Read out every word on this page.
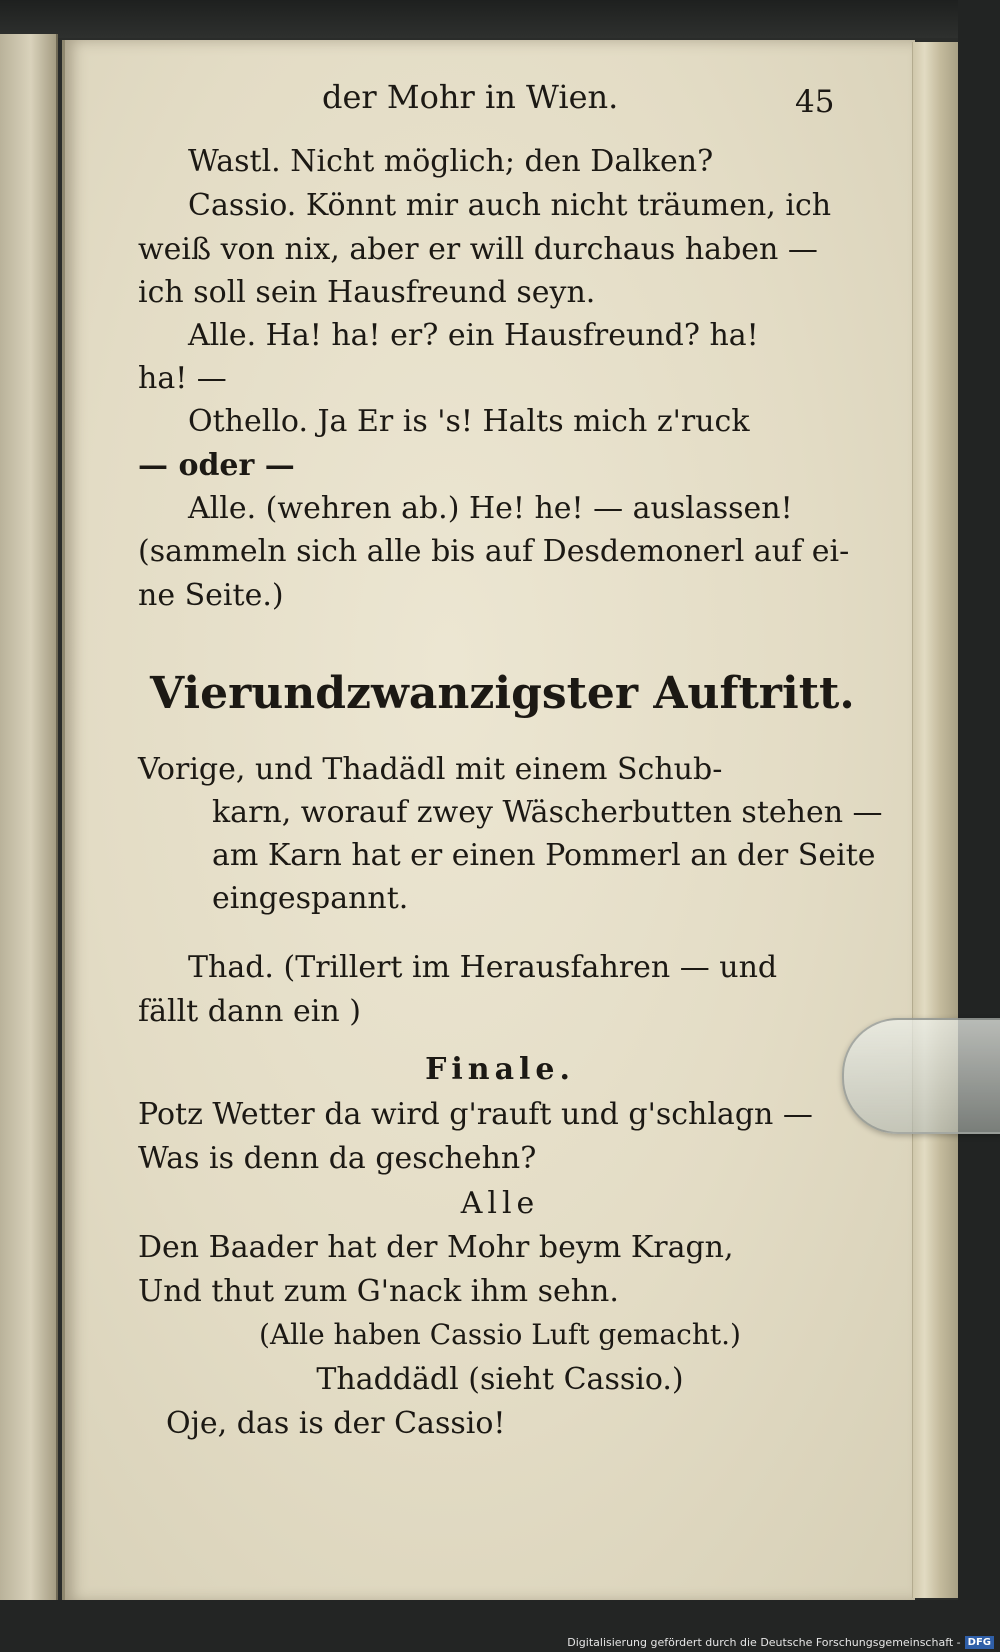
der Mohr in Wien.	45
Wastl. Nicht möglich; den Dalken?
Cassio. Könnt mir auch nicht träumen, ich
weiß von nix, aber er will durchaus haben —
ich soll sein Hausfreund seyn.
Alle. Ha! ha! er? ein Hausfreund? ha!
ha! —
Othello. Ja Er is 's! Halts mich z'ruck
— oder —
Alle. (wehren ab.) He! he! — auslassen!
(sammeln sich alle bis auf Desdemonerl auf ei-
ne Seite.)
Vierundzwanzigster Auftritt.
Vorige, und Thadädl mit einem Schub-
karn, worauf zwey Wäscherbutten stehen —
am Karn hat er einen Pommerl an der Seite
eingespannt.
Thad. (Trillert im Herausfahren — und
fällt dann ein )
Finale.
Potz Wetter da wird g'rauft und g'schlagn —
Was is denn da geschehn?
Alle
Den Baader hat der Mohr beym Kragn,
Und thut zum G'nack ihm sehn.
(Alle haben Cassio Luft gemacht.)
Thaddädl (sieht Cassio.)
Oje, das is der Cassio!
Digitalisierung gefördert durch die Deutsche Forschungsgemeinschaft - DFG
